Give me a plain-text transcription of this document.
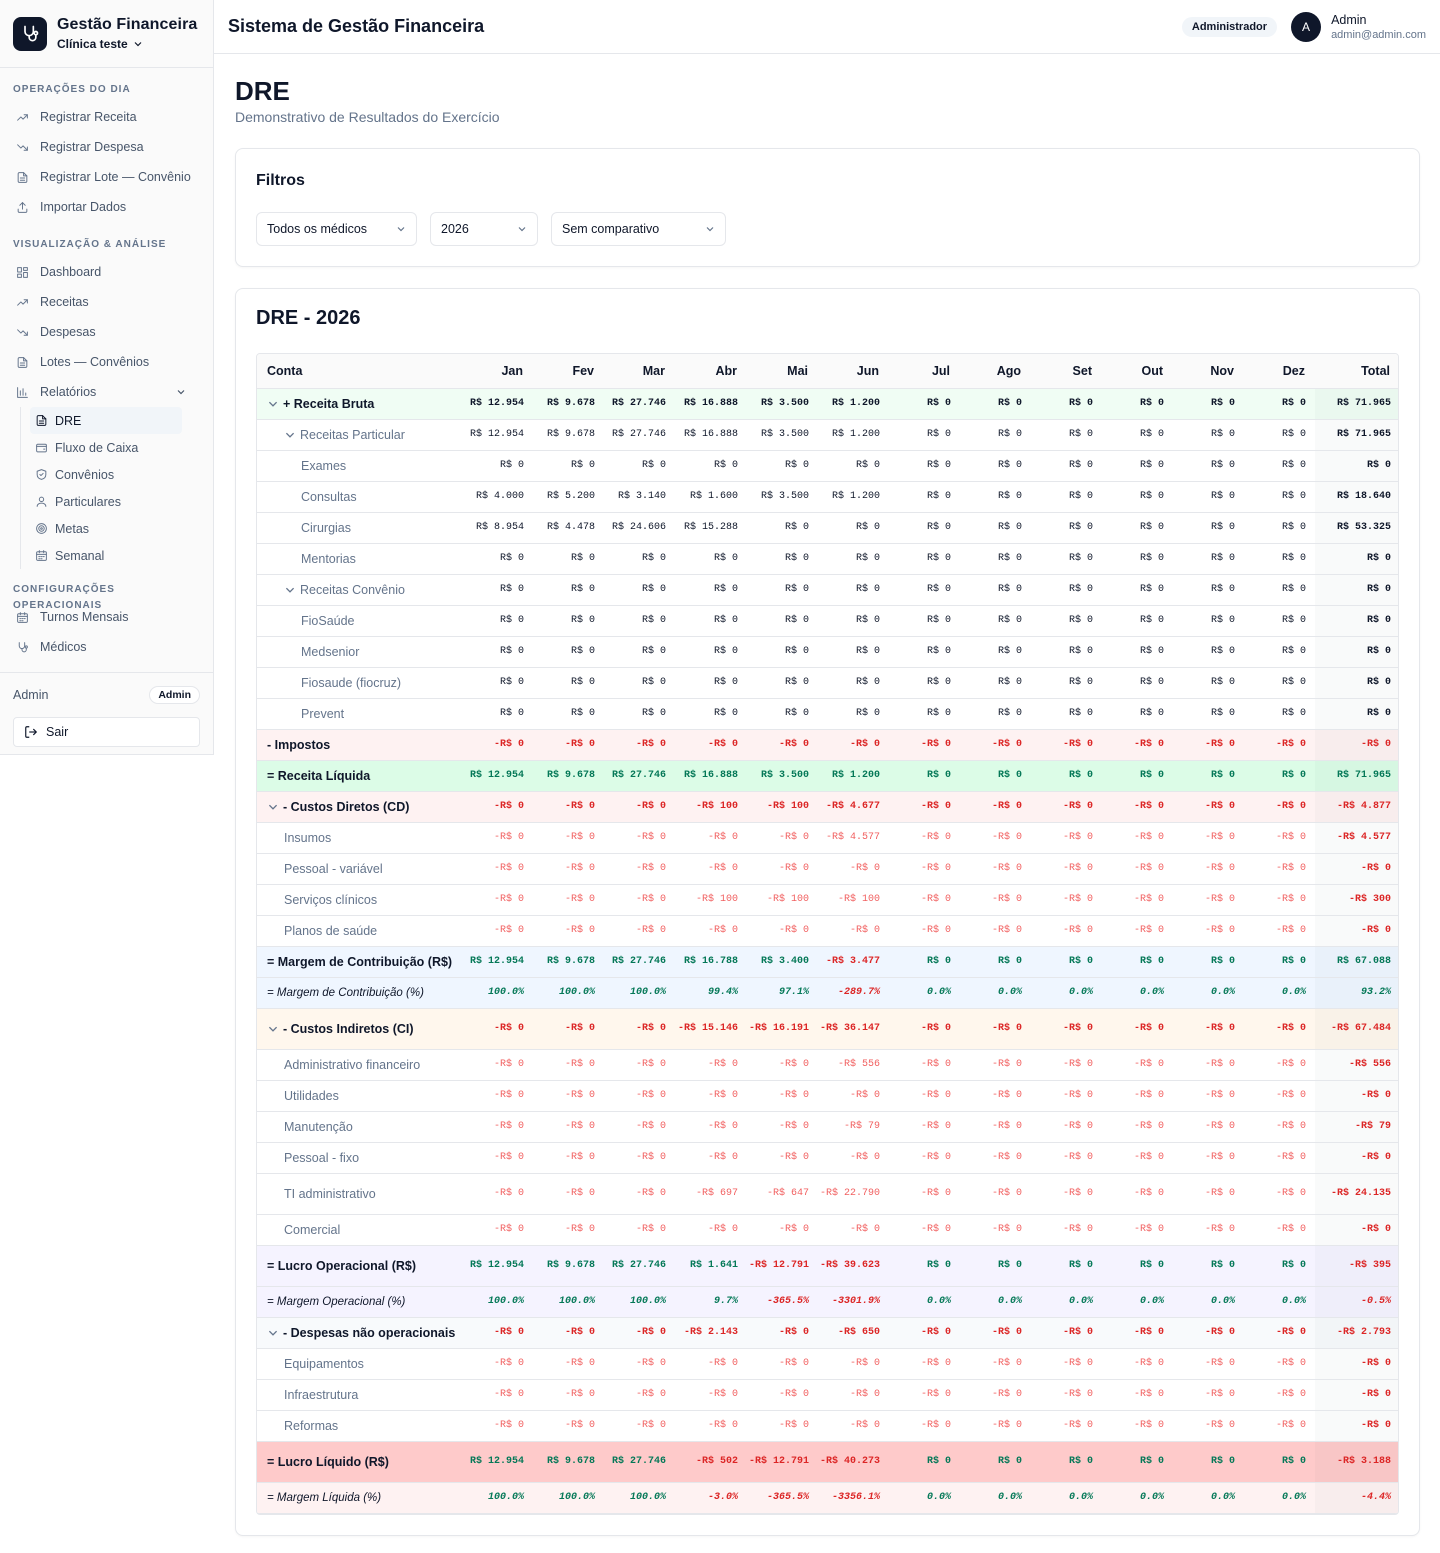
Gestão Financeira
Clínica teste
OPERAÇÕES DO DIA
Registrar Receita
Registrar Despesa
Registrar Lote — Convênio
Importar Dados
VISUALIZAÇÃO & ANÁLISE
Dashboard
Receitas
Despesas
Lotes — Convênios
Relatórios
DRE
Fluxo de Caixa
Convênios
Particulares
Metas
Semanal
CONFIGURAÇÕES OPERACIONAIS
Turnos Mensais
Médicos
Admin	Admin
Sair
Sistema de Gestão Financeira	Administrador	A	Admin
admin@admin.com
DRE
Demonstrativo de Resultados do Exercício
Filtros
Todos os médicos	2026	Sem comparativo
DRE - 2026
Conta	Jan	Fev	Mar	Abr	Mai	Jun	Jul	Ago	Set	Out	Nov	Dez	Total
+ Receita Bruta	R$ 12.954	R$ 9.678	R$ 27.746	R$ 16.888	R$ 3.500	R$ 1.200	R$ 0	R$ 0	R$ 0	R$ 0	R$ 0	R$ 0	R$ 71.965
Receitas Particular	R$ 12.954	R$ 9.678	R$ 27.746	R$ 16.888	R$ 3.500	R$ 1.200	R$ 0	R$ 0	R$ 0	R$ 0	R$ 0	R$ 0	R$ 71.965
Exames	R$ 0	R$ 0	R$ 0	R$ 0	R$ 0	R$ 0	R$ 0	R$ 0	R$ 0	R$ 0	R$ 0	R$ 0	R$ 0
Consultas	R$ 4.000	R$ 5.200	R$ 3.140	R$ 1.600	R$ 3.500	R$ 1.200	R$ 0	R$ 0	R$ 0	R$ 0	R$ 0	R$ 0	R$ 18.640
Cirurgias	R$ 8.954	R$ 4.478	R$ 24.606	R$ 15.288	R$ 0	R$ 0	R$ 0	R$ 0	R$ 0	R$ 0	R$ 0	R$ 0	R$ 53.325
Mentorias	R$ 0	R$ 0	R$ 0	R$ 0	R$ 0	R$ 0	R$ 0	R$ 0	R$ 0	R$ 0	R$ 0	R$ 0	R$ 0
Receitas Convênio	R$ 0	R$ 0	R$ 0	R$ 0	R$ 0	R$ 0	R$ 0	R$ 0	R$ 0	R$ 0	R$ 0	R$ 0	R$ 0
FioSaúde	R$ 0	R$ 0	R$ 0	R$ 0	R$ 0	R$ 0	R$ 0	R$ 0	R$ 0	R$ 0	R$ 0	R$ 0	R$ 0
Medsenior	R$ 0	R$ 0	R$ 0	R$ 0	R$ 0	R$ 0	R$ 0	R$ 0	R$ 0	R$ 0	R$ 0	R$ 0	R$ 0
Fiosaude (fiocruz)	R$ 0	R$ 0	R$ 0	R$ 0	R$ 0	R$ 0	R$ 0	R$ 0	R$ 0	R$ 0	R$ 0	R$ 0	R$ 0
Prevent	R$ 0	R$ 0	R$ 0	R$ 0	R$ 0	R$ 0	R$ 0	R$ 0	R$ 0	R$ 0	R$ 0	R$ 0	R$ 0
- Impostos	-R$ 0	-R$ 0	-R$ 0	-R$ 0	-R$ 0	-R$ 0	-R$ 0	-R$ 0	-R$ 0	-R$ 0	-R$ 0	-R$ 0	-R$ 0
= Receita Líquida	R$ 12.954	R$ 9.678	R$ 27.746	R$ 16.888	R$ 3.500	R$ 1.200	R$ 0	R$ 0	R$ 0	R$ 0	R$ 0	R$ 0	R$ 71.965
- Custos Diretos (CD)	-R$ 0	-R$ 0	-R$ 0	-R$ 100	-R$ 100	-R$ 4.677	-R$ 0	-R$ 0	-R$ 0	-R$ 0	-R$ 0	-R$ 0	-R$ 4.877
Insumos	-R$ 0	-R$ 0	-R$ 0	-R$ 0	-R$ 0	-R$ 4.577	-R$ 0	-R$ 0	-R$ 0	-R$ 0	-R$ 0	-R$ 0	-R$ 4.577
Pessoal - variável	-R$ 0	-R$ 0	-R$ 0	-R$ 0	-R$ 0	-R$ 0	-R$ 0	-R$ 0	-R$ 0	-R$ 0	-R$ 0	-R$ 0	-R$ 0
Serviços clínicos	-R$ 0	-R$ 0	-R$ 0	-R$ 100	-R$ 100	-R$ 100	-R$ 0	-R$ 0	-R$ 0	-R$ 0	-R$ 0	-R$ 0	-R$ 300
Planos de saúde	-R$ 0	-R$ 0	-R$ 0	-R$ 0	-R$ 0	-R$ 0	-R$ 0	-R$ 0	-R$ 0	-R$ 0	-R$ 0	-R$ 0	-R$ 0
= Margem de Contribuição (R$)	R$ 12.954	R$ 9.678	R$ 27.746	R$ 16.788	R$ 3.400	-R$ 3.477	R$ 0	R$ 0	R$ 0	R$ 0	R$ 0	R$ 0	R$ 67.088
= Margem de Contribuição (%)	100.0%	100.0%	100.0%	99.4%	97.1%	-289.7%	0.0%	0.0%	0.0%	0.0%	0.0%	0.0%	93.2%
- Custos Indiretos (CI)	-R$ 0	-R$ 0	-R$ 0	-R$ 15.146	-R$ 16.191	-R$ 36.147	-R$ 0	-R$ 0	-R$ 0	-R$ 0	-R$ 0	-R$ 0	-R$ 67.484
Administrativo financeiro	-R$ 0	-R$ 0	-R$ 0	-R$ 0	-R$ 0	-R$ 556	-R$ 0	-R$ 0	-R$ 0	-R$ 0	-R$ 0	-R$ 0	-R$ 556
Utilidades	-R$ 0	-R$ 0	-R$ 0	-R$ 0	-R$ 0	-R$ 0	-R$ 0	-R$ 0	-R$ 0	-R$ 0	-R$ 0	-R$ 0	-R$ 0
Manutenção	-R$ 0	-R$ 0	-R$ 0	-R$ 0	-R$ 0	-R$ 79	-R$ 0	-R$ 0	-R$ 0	-R$ 0	-R$ 0	-R$ 0	-R$ 79
Pessoal - fixo	-R$ 0	-R$ 0	-R$ 0	-R$ 0	-R$ 0	-R$ 0	-R$ 0	-R$ 0	-R$ 0	-R$ 0	-R$ 0	-R$ 0	-R$ 0
TI administrativo	-R$ 0	-R$ 0	-R$ 0	-R$ 697	-R$ 647	-R$ 22.790	-R$ 0	-R$ 0	-R$ 0	-R$ 0	-R$ 0	-R$ 0	-R$ 24.135
Comercial	-R$ 0	-R$ 0	-R$ 0	-R$ 0	-R$ 0	-R$ 0	-R$ 0	-R$ 0	-R$ 0	-R$ 0	-R$ 0	-R$ 0	-R$ 0
= Lucro Operacional (R$)	R$ 12.954	R$ 9.678	R$ 27.746	R$ 1.641	-R$ 12.791	-R$ 39.623	R$ 0	R$ 0	R$ 0	R$ 0	R$ 0	R$ 0	-R$ 395
= Margem Operacional (%)	100.0%	100.0%	100.0%	9.7%	-365.5%	-3301.9%	0.0%	0.0%	0.0%	0.0%	0.0%	0.0%	-0.5%
- Despesas não operacionais	-R$ 0	-R$ 0	-R$ 0	-R$ 2.143	-R$ 0	-R$ 650	-R$ 0	-R$ 0	-R$ 0	-R$ 0	-R$ 0	-R$ 0	-R$ 2.793
Equipamentos	-R$ 0	-R$ 0	-R$ 0	-R$ 0	-R$ 0	-R$ 0	-R$ 0	-R$ 0	-R$ 0	-R$ 0	-R$ 0	-R$ 0	-R$ 0
Infraestrutura	-R$ 0	-R$ 0	-R$ 0	-R$ 0	-R$ 0	-R$ 0	-R$ 0	-R$ 0	-R$ 0	-R$ 0	-R$ 0	-R$ 0	-R$ 0
Reformas	-R$ 0	-R$ 0	-R$ 0	-R$ 0	-R$ 0	-R$ 0	-R$ 0	-R$ 0	-R$ 0	-R$ 0	-R$ 0	-R$ 0	-R$ 0
= Lucro Líquido (R$)	R$ 12.954	R$ 9.678	R$ 27.746	-R$ 502	-R$ 12.791	-R$ 40.273	R$ 0	R$ 0	R$ 0	R$ 0	R$ 0	R$ 0	-R$ 3.188
= Margem Líquida (%)	100.0%	100.0%	100.0%	-3.0%	-365.5%	-3356.1%	0.0%	0.0%	0.0%	0.0%	0.0%	0.0%	-4.4%
